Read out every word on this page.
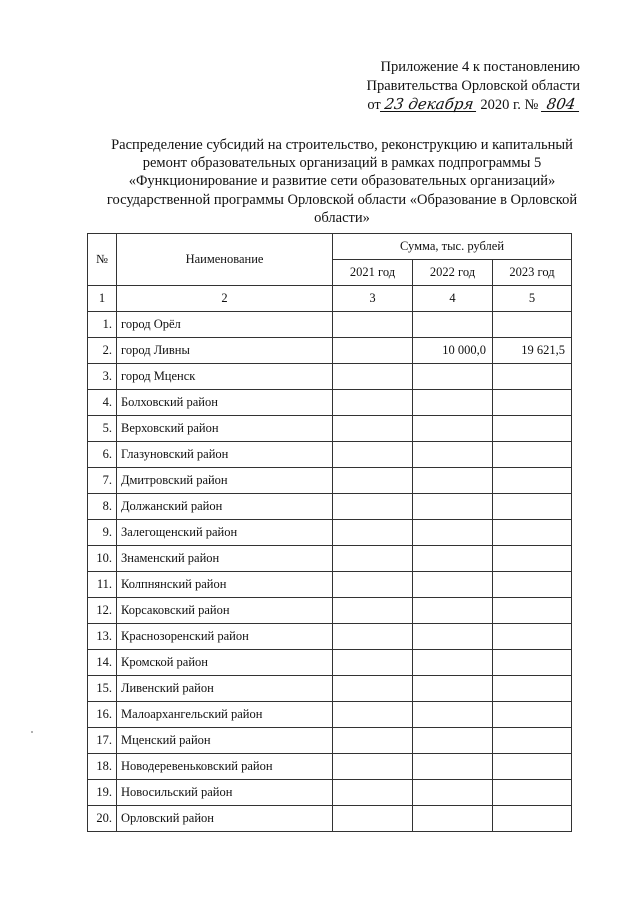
Приложение 4 к постановлению
Правительства Орловской области
от 23 декабря 2020 г. № 804
Распределение субсидий на строительство, реконструкцию и капитальный ремонт образовательных организаций в рамках подпрограммы 5 «Функционирование и развитие сети образовательных организаций» государственной программы Орловской области «Образование в Орловской области»
№	Наименование	Сумма, тыс. рублей		
		2021 год	2022 год	2023 год
1	2	3	4	5
1.	город Орёл			
2.	город Ливны		10 000,0	19 621,5
3.	город Мценск			
4.	Болховский район			
5.	Верховский район			
6.	Глазуновский район			
7.	Дмитровский район			
8.	Должанский район			
9.	Залегощенский район			
10.	Знаменский район			
11.	Колпнянский район			
12.	Корсаковский район			
13.	Краснозоренский район			
14.	Кромской район			
15.	Ливенский район			
16.	Малоархангельский район			
17.	Мценский район			
18.	Новодеревеньковский район			
19.	Новосильский район			
20.	Орловский район			
